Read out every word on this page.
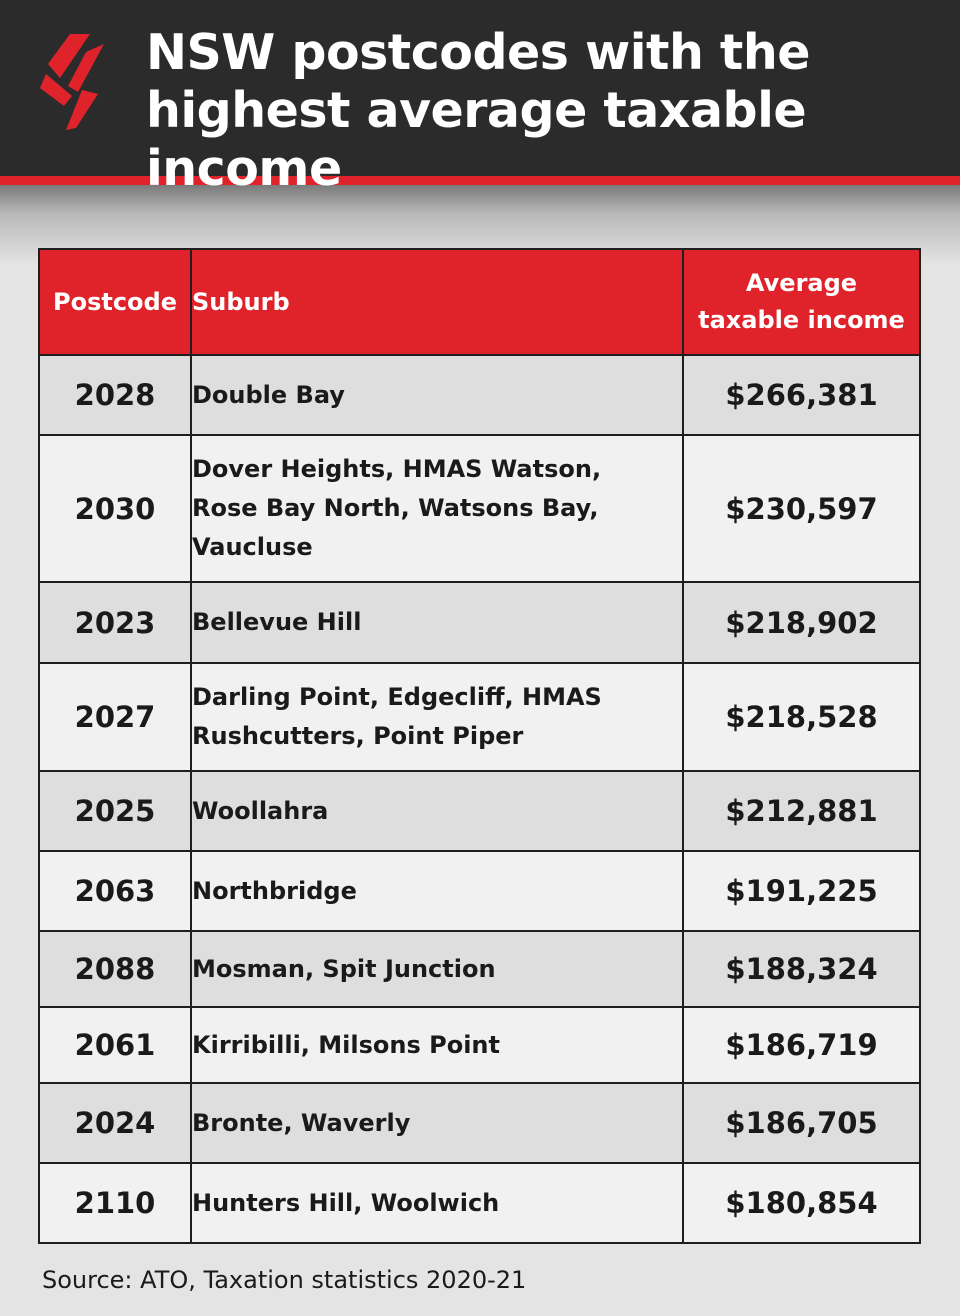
NSW postcodes with the
highest average taxable income
Postcode	Suburb	Average
taxable income
2028	Double Bay	$266,381
2030	Dover Heights, HMAS Watson,
Rose Bay North, Watsons Bay,
Vaucluse	$230,597
2023	Bellevue Hill	$218,902
2027	Darling Point, Edgecliff, HMAS
Rushcutters, Point Piper	$218,528
2025	Woollahra	$212,881
2063	Northbridge	$191,225
2088	Mosman, Spit Junction	$188,324
2061	Kirribilli, Milsons Point	$186,719
2024	Bronte, Waverly	$186,705
2110	Hunters Hill, Woolwich	$180,854

Source: ATO, Taxation statistics 2020-21
